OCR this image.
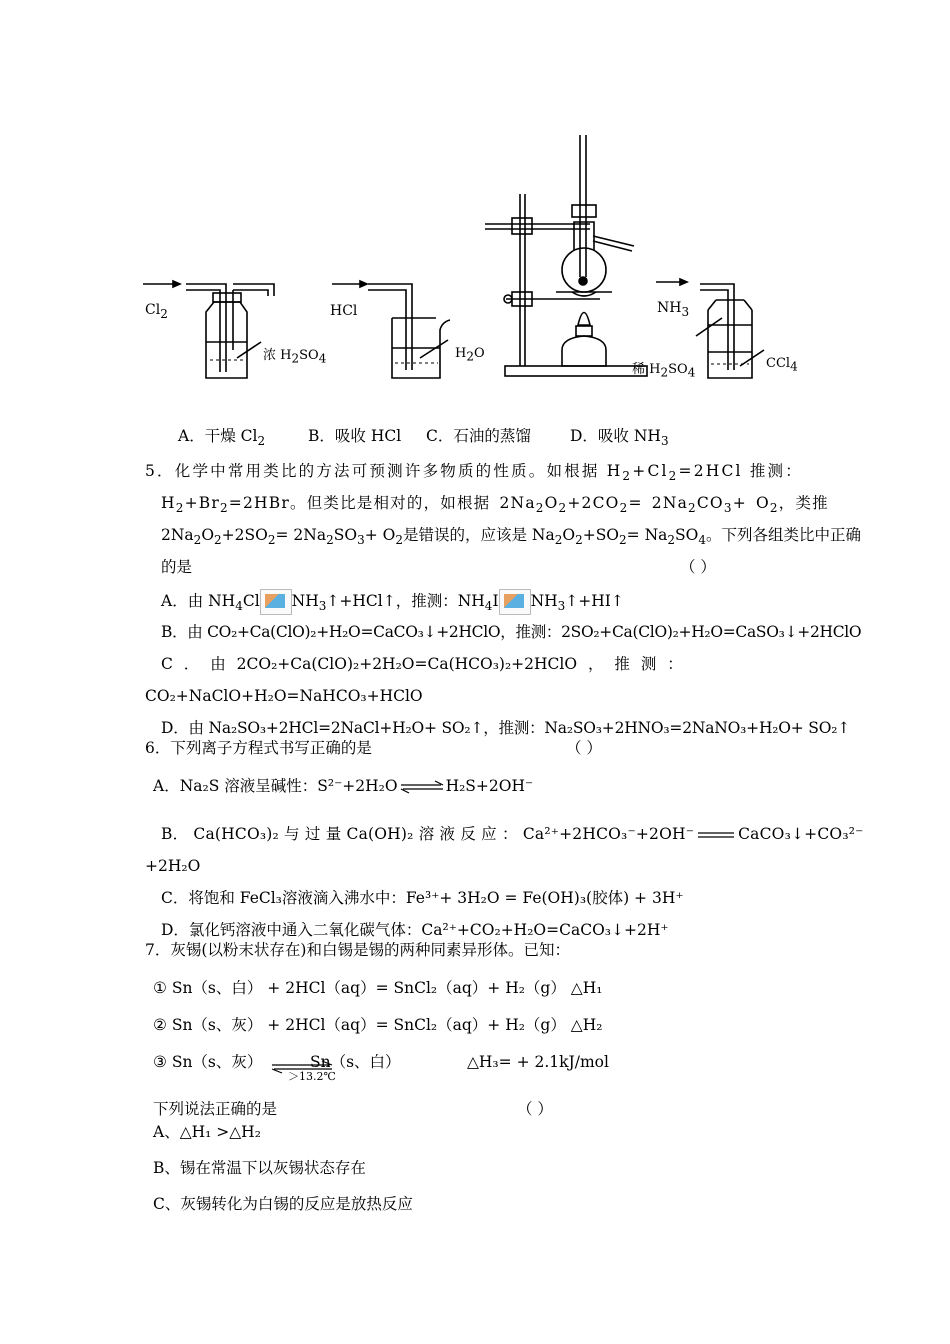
$Cl_2$
浓 $H_2SO_4$
HCl
$H_2O$
$NH_3$
稀 $H_2SO_4$
CCl$_4$
A．干燥 $Cl_2$	B．吸收 HCl C．石油的蒸馏	D．吸收 $NH_3$
5．化学中常用类比的方法可预测许多物质的性质。如根据 $H_2+Cl_2=2HCl$ 推测：
$H_2+Br_2=2HBr$。但类比是相对的，如根据 $2Na_2O_2+2CO_2= 2Na_2CO_3+ O_2$，类推
$2Na_2O_2+2SO_2= 2Na_2SO_3+ O_2$是错误的，应该是 $Na_2O_2+SO_2= Na_2SO_4$。下列各组类比中正确
的是	（ ）
A．由 $NH_4Cl$ $NH_3↑+HCl↑$，推测：$NH_4I$ $NH_3↑+HI↑$
B．由 CO₂+Ca(ClO)₂+H₂O=CaCO₃↓+2HClO，推测：2SO₂+Ca(ClO)₂+H₂O=CaSO₃↓+2HClO
C ． 由 2CO₂+Ca(ClO)₂+2H₂O=Ca(HCO₃)₂+2HClO ， 推 测 ：
CO₂+NaClO+H₂O=NaHCO₃+HClO
D．由 Na₂SO₃+2HCl=2NaCl+H₂O+ SO₂↑，推测：Na₂SO₃+2HNO₃=2NaNO₃+H₂O+ SO₂↑
6．下列离子方程式书写正确的是	（ ）
A．Na₂S 溶液呈碱性：S²⁻+2H₂O⇌H₂S+2OH⁻
B． Ca(HCO₃)₂ 与 过 量 Ca(OH)₂ 溶 液 反 应 ： Ca²⁺+2HCO₃⁻+2OH⁻	CaCO₃↓+CO₃²⁻
+2H₂O
C．将饱和 FeCl₃溶液滴入沸水中：Fe³⁺+ 3H₂O = Fe(OH)₃(胶体) + 3H⁺
D．氯化钙溶液中通入二氧化碳气体：Ca²⁺+CO₂+H₂O=CaCO₃↓+2H⁺
7．灰锡(以粉末状存在)和白锡是锡的两种同素异形体。已知：
① Sn（s、白） + 2HCl（aq）= SnCl₂（aq）+ H₂（g） △H₁
② Sn（s、灰） + 2HCl（aq）= SnCl₂（aq）+ H₂（g） △H₂
③ Sn（s、灰） ⇌
Sn（s、白）
＞13.2℃
△H₃= + 2.1kJ/mol
下列说法正确的是	（ ）
A、△H₁ >△H₂
B、锡在常温下以灰锡状态存在
C、灰锡转化为白锡的反应是放热反应
